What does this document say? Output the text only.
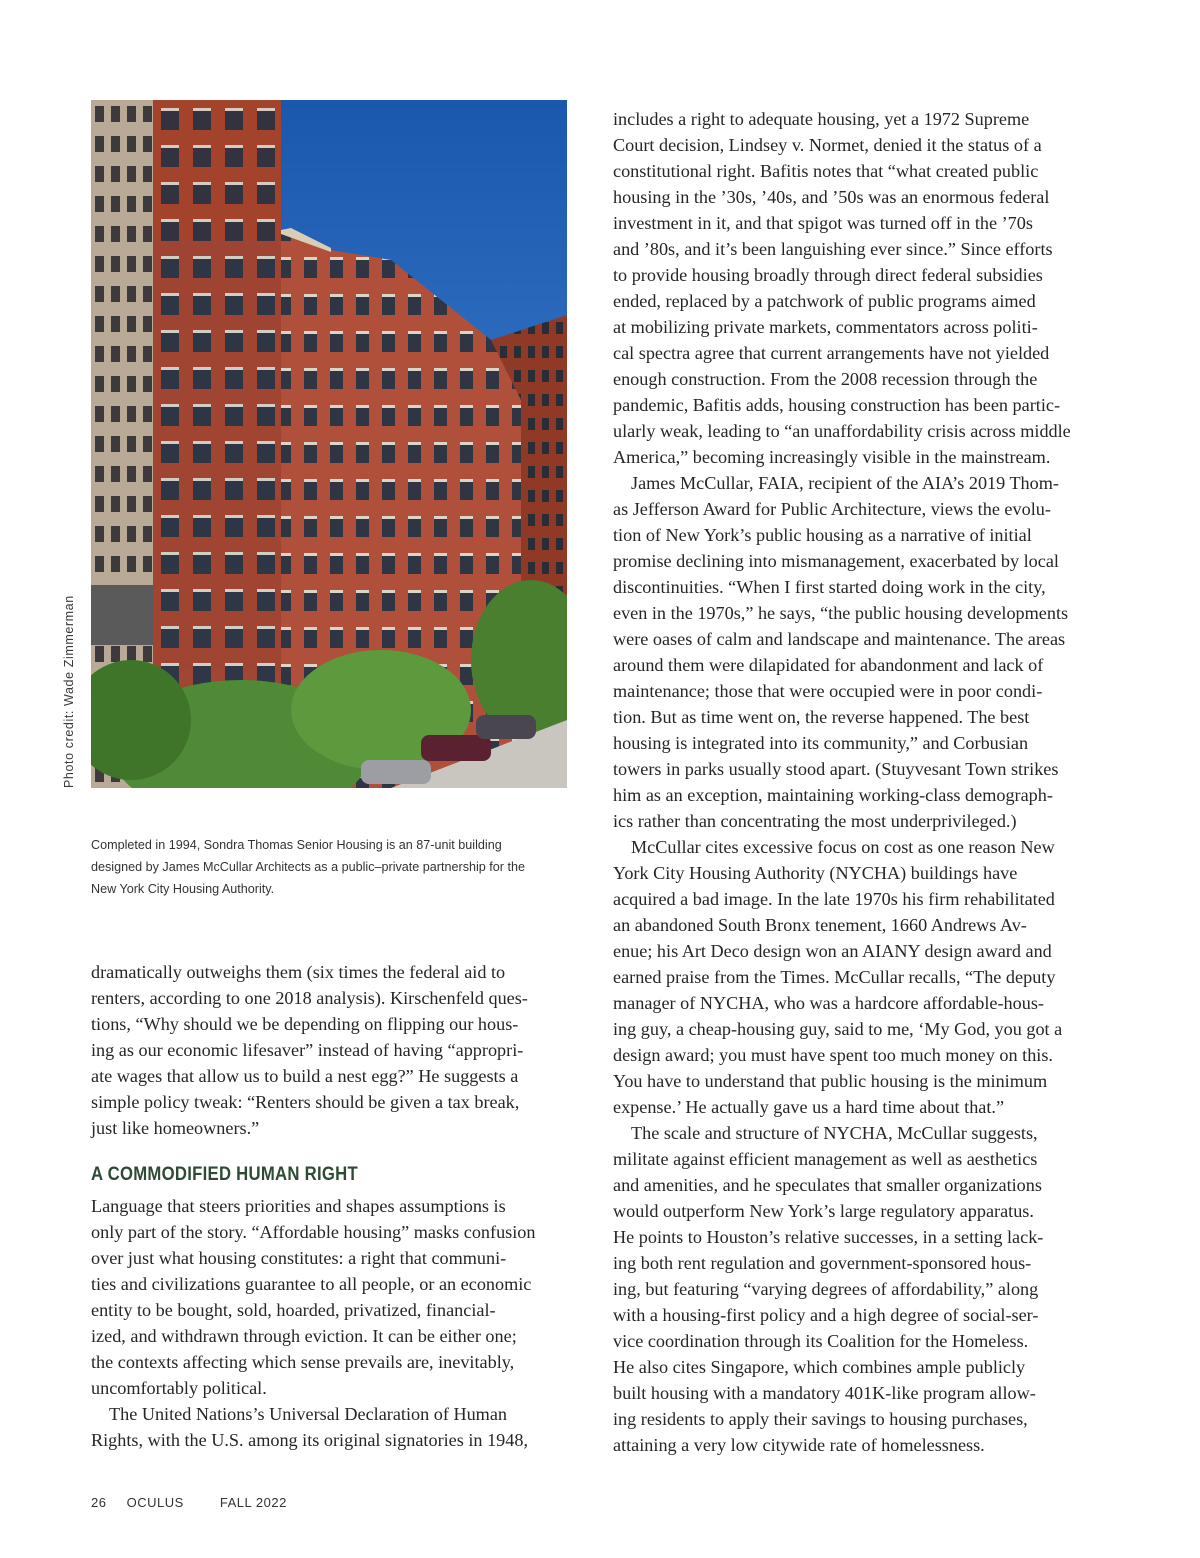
Photo credit: Wade Zimmerman
Completed in 1994, Sondra Thomas Senior Housing is an 87-unit building
designed by James McCullar Architects as a public–private partnership for the
New York City Housing Authority.
dramatically outweighs them (six times the federal aid to
renters, according to one 2018 analysis). Kirschenfeld ques-
tions, “Why should we be depending on flipping our hous-
ing as our economic lifesaver” instead of having “appropri-
ate wages that allow us to build a nest egg?” He suggests a
simple policy tweak: “Renters should be given a tax break,
just like homeowners.”
A COMMODIFIED HUMAN RIGHT
Language that steers priorities and shapes assumptions is
only part of the story. “Affordable housing” masks confusion
over just what housing constitutes: a right that communi-
ties and civilizations guarantee to all people, or an economic
entity to be bought, sold, hoarded, privatized, financial-
ized, and withdrawn through eviction. It can be either one;
the contexts affecting which sense prevails are, inevitably,
uncomfortably political.
The United Nations’s Universal Declaration of Human
Rights, with the U.S. among its original signatories in 1948,
includes a right to adequate housing, yet a 1972 Supreme
Court decision, Lindsey v. Normet, denied it the status of a
constitutional right. Bafitis notes that “what created public
housing in the ’30s, ’40s, and ’50s was an enormous federal
investment in it, and that spigot was turned off in the ’70s
and ’80s, and it’s been languishing ever since.” Since efforts
to provide housing broadly through direct federal subsidies
ended, replaced by a patchwork of public programs aimed
at mobilizing private markets, commentators across politi-
cal spectra agree that current arrangements have not yielded
enough construction. From the 2008 recession through the
pandemic, Bafitis adds, housing construction has been partic-
ularly weak, leading to “an unaffordability crisis across middle
America,” becoming increasingly visible in the mainstream.
James McCullar, FAIA, recipient of the AIA’s 2019 Thom-
as Jefferson Award for Public Architecture, views the evolu-
tion of New York’s public housing as a narrative of initial
promise declining into mismanagement, exacerbated by local
discontinuities. “When I first started doing work in the city,
even in the 1970s,” he says, “the public housing developments
were oases of calm and landscape and maintenance. The areas
around them were dilapidated for abandonment and lack of
maintenance; those that were occupied were in poor condi-
tion. But as time went on, the reverse happened. The best
housing is integrated into its community,” and Corbusian
towers in parks usually stood apart. (Stuyvesant Town strikes
him as an exception, maintaining working-class demograph-
ics rather than concentrating the most underprivileged.)
McCullar cites excessive focus on cost as one reason New
York City Housing Authority (NYCHA) buildings have
acquired a bad image. In the late 1970s his firm rehabilitated
an abandoned South Bronx tenement, 1660 Andrews Av-
enue; his Art Deco design won an AIANY design award and
earned praise from the Times. McCullar recalls, “The deputy
manager of NYCHA, who was a hardcore affordable-hous-
ing guy, a cheap-housing guy, said to me, ‘My God, you got a
design award; you must have spent too much money on this.
You have to understand that public housing is the minimum
expense.’ He actually gave us a hard time about that.”
The scale and structure of NYCHA, McCullar suggests,
militate against efficient management as well as aesthetics
and amenities, and he speculates that smaller organizations
would outperform New York’s large regulatory apparatus.
He points to Houston’s relative successes, in a setting lack-
ing both rent regulation and government-sponsored hous-
ing, but featuring “varying degrees of affordability,” along
with a housing-first policy and a high degree of social-ser-
vice coordination through its Coalition for the Homeless.
He also cites Singapore, which combines ample publicly
built housing with a mandatory 401K-like program allow-
ing residents to apply their savings to housing purchases,
attaining a very low citywide rate of homelessness.
26 OCULUS	FALL 2022
